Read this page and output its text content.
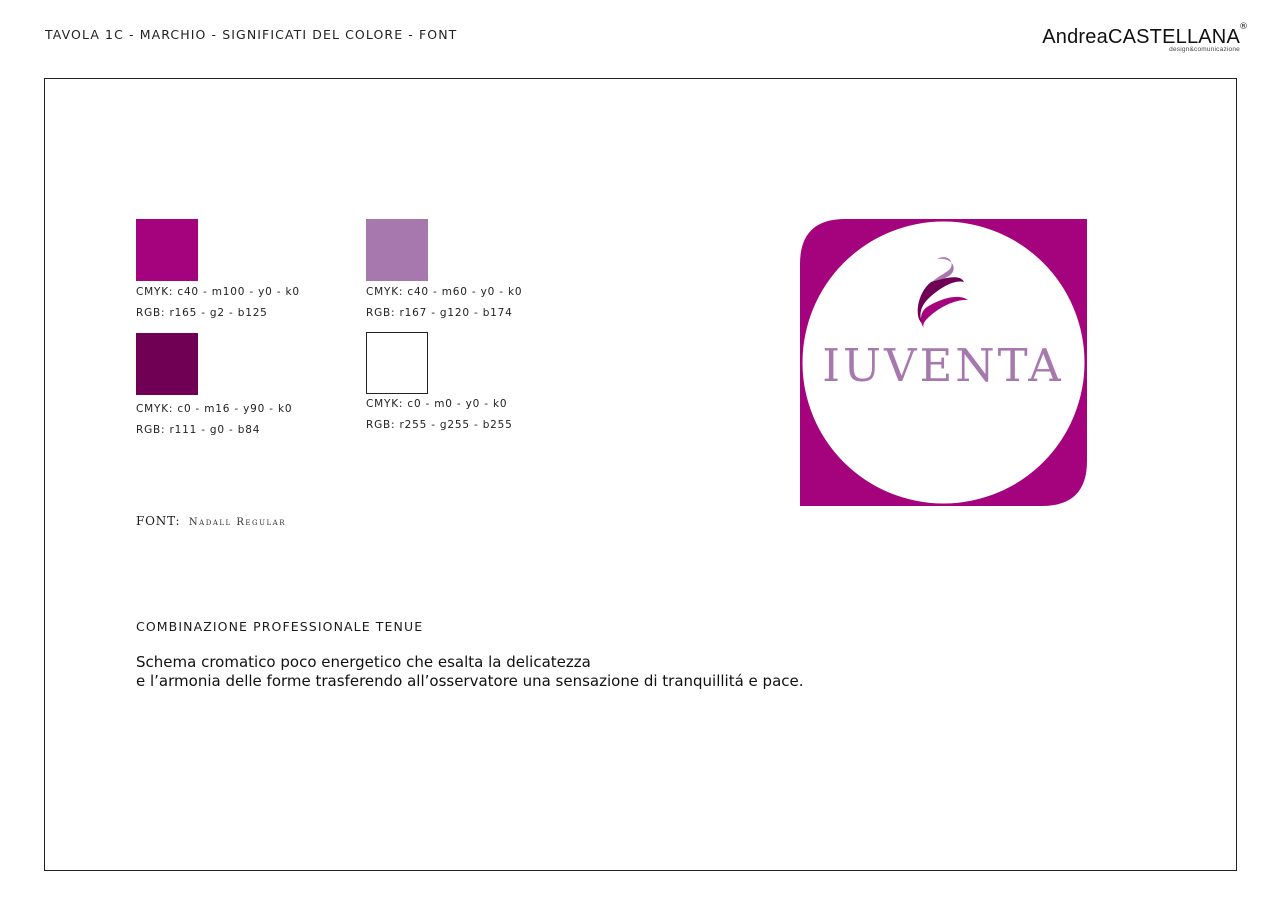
TAVOLA 1C - MARCHIO - SIGNIFICATI DEL COLORE - FONT	AndreaCASTELLANA ®
design&comunicazione
CMYK: c40 - m100 - y0 - k0
RGB: r165 - g2 - b125
CMYK: c40 - m60 - y0 - k0
RGB: r167 - g120 - b174
CMYK: c0 - m16 - y90 - k0
RGB: r111 - g0 - b84
CMYK: c0 - m0 - y0 - k0
RGB: r255 - g255 - b255
FONT: Nadall Regular
COMBINAZIONE PROFESSIONALE TENUE
Schema cromatico poco energetico che esalta la delicatezza
e l’armonia delle forme trasferendo all’osservatore una sensazione di tranquillitá e pace.
IUVENTA
